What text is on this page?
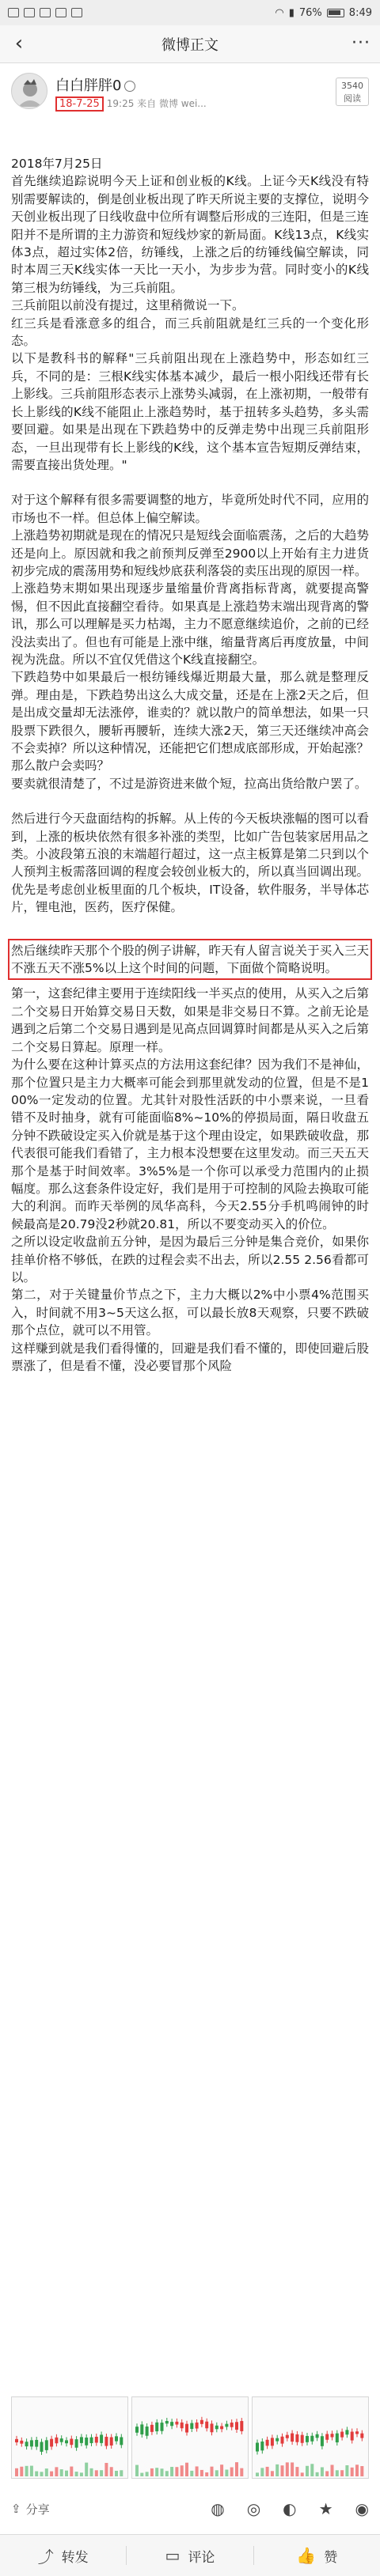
◠ ▮ 76%	8:49
‹	微博正文	···
白白胖胖0
18-7-25 19:25 来自 微博 wei...
3540
阅读

2018年7月25日

首先继续追踪说明今天上证和创业板的K线。上证今天K线没有特别需要解读的，倒是创业板出现了昨天所说主要的支撑位，说明今天创业板出现了日线收盘中位所有调整后形成的三连阳，但是三连阳并不是所谓的主力游资和短线炒家的新局面。K线13点，K线实体3点，超过实体2倍，纺锤线，上涨之后的纺锤线偏空解读，同时本周三天K线实体一天比一天小，为步步为营。同时变小的K线第三根为纺锤线，为三兵前阻。

三兵前阻以前没有提过，这里稍微说一下。

红三兵是看涨意多的组合，而三兵前阻就是红三兵的一个变化形态。

以下是教科书的解释"三兵前阻出现在上涨趋势中，形态如红三兵，不同的是：三根K线实体基本减少，最后一根小阳线还带有长上影线。三兵前阻形态表示上涨势头减弱，在上涨初期，一般带有长上影线的K线不能阻止上涨趋势时，基于扭转多头趋势，多头需要回避。如果是出现在下跌趋势中的反弹走势中出现三兵前阻形态，一旦出现带有长上影线的K线，这个基本宣告短期反弹结束，需要直接出货处理。"

对于这个解释有很多需要调整的地方，毕竟所处时代不同，应用的市场也不一样。但总体上偏空解读。

上涨趋势初期就是现在的情况只是短线会面临震荡，之后的大趋势还是向上。原因就和我之前预判反弹至2900以上开始有主力进货初步完成的震荡用势和短线炒底获利落袋的卖压出现的原因一样。

上涨趋势末期如果出现逐步量缩量价背离指标背离，就要提高警惕，但不因此直接翻空看待。如果真是上涨趋势末端出现背离的警讯，那么可以理解是买力枯竭，主力不愿意继续追价，之前的已经没法卖出了。但也有可能是上涨中继，缩量背离后再度放量，中间视为洗盘。所以不宜仅凭借这个K线直接翻空。

下跌趋势中如果最后一根纺锤线爆近期最大量，那么就是整理反弹。理由是，下跌趋势出这么大成交量，还是在上涨2天之后，但是出成交量却无法涨停，谁卖的？就以散户的简单想法，如果一只股票下跌很久，腰斩再腰斩，连续大涨2天，第三天还继续冲高会不会卖掉？所以这种情况，还能把它们想成底部形成，开始起涨？那么散户会卖吗？

要卖就很清楚了，不过是游资进来做个短，拉高出货给散户罢了。

然后进行今天盘面结构的拆解。从上传的今天板块涨幅的图可以看到，上涨的板块依然有很多补涨的类型，比如广告包装家居用品之类。小波段第五浪的末端超行超过，这一点主板算是第二只到以个人预判主板需落回调的程度会较创业板大的，所以真当回调出现。优先是考虑创业板里面的几个板块，IT设备，软件服务，半导体芯片，锂电池，医药，医疗保健。

然后继续昨天那个个股的例子讲解，昨天有人留言说关于买入三天不涨五天不涨5%以上这个时间的问题，下面做个简略说明。

第一，这套纪律主要用于连续阳线一半买点的使用，从买入之后第二个交易日开始算交易日天数，如果是非交易日不算。之前无论是遇到之后第二个交易日遇到是见高点回调算时间都是从买入之后第二个交易日算起。原理一样。

为什么要在这种计算买点的方法用这套纪律？因为我们不是神仙，那个位置只是主力大概率可能会到那里就发动的位置，但是不是100%一定发动的位置。尤其针对股性活跃的中小票来说，一旦看错不及时抽身，就有可能面临8%~10%的停损局面，隔日收盘五分钟不跌破设定买入价就是基于这个理由设定，如果跌破收盘，那代表很可能我们看错了，主力根本没想要在这里发动。而三天五天那个是基于时间效率。3%5%是一个你可以承受力范围内的止损幅度。那么这套条件设定好，我们是用于可控制的风险去换取可能大的利润。而昨天举例的凤华高科，今天2.55分手机鸣闹钟的时候最高是20.79没2秒就20.81，所以不要变动买入的价位。

之所以设定收盘前五分钟，是因为最后三分钟是集合竞价，如果你挂单价格不够低，在跌的过程会卖不出去，所以2.55 2.56看都可以。

第二，对于关键量价节点之下，主力大概以2%中小票4%范围买入，时间就不用3~5天这么抠，可以最长放8天观察，只要不跌破那个点位，就可以不用管。

这样赚到就是我们看得懂的，回避是我们看不懂的，即使回避后股票涨了，但是看不懂，没必要冒那个风险

⇪ 分享	◍ ◎ ◐ ★ ◉
⤴ 转发	▭ 评论	👍 赞
